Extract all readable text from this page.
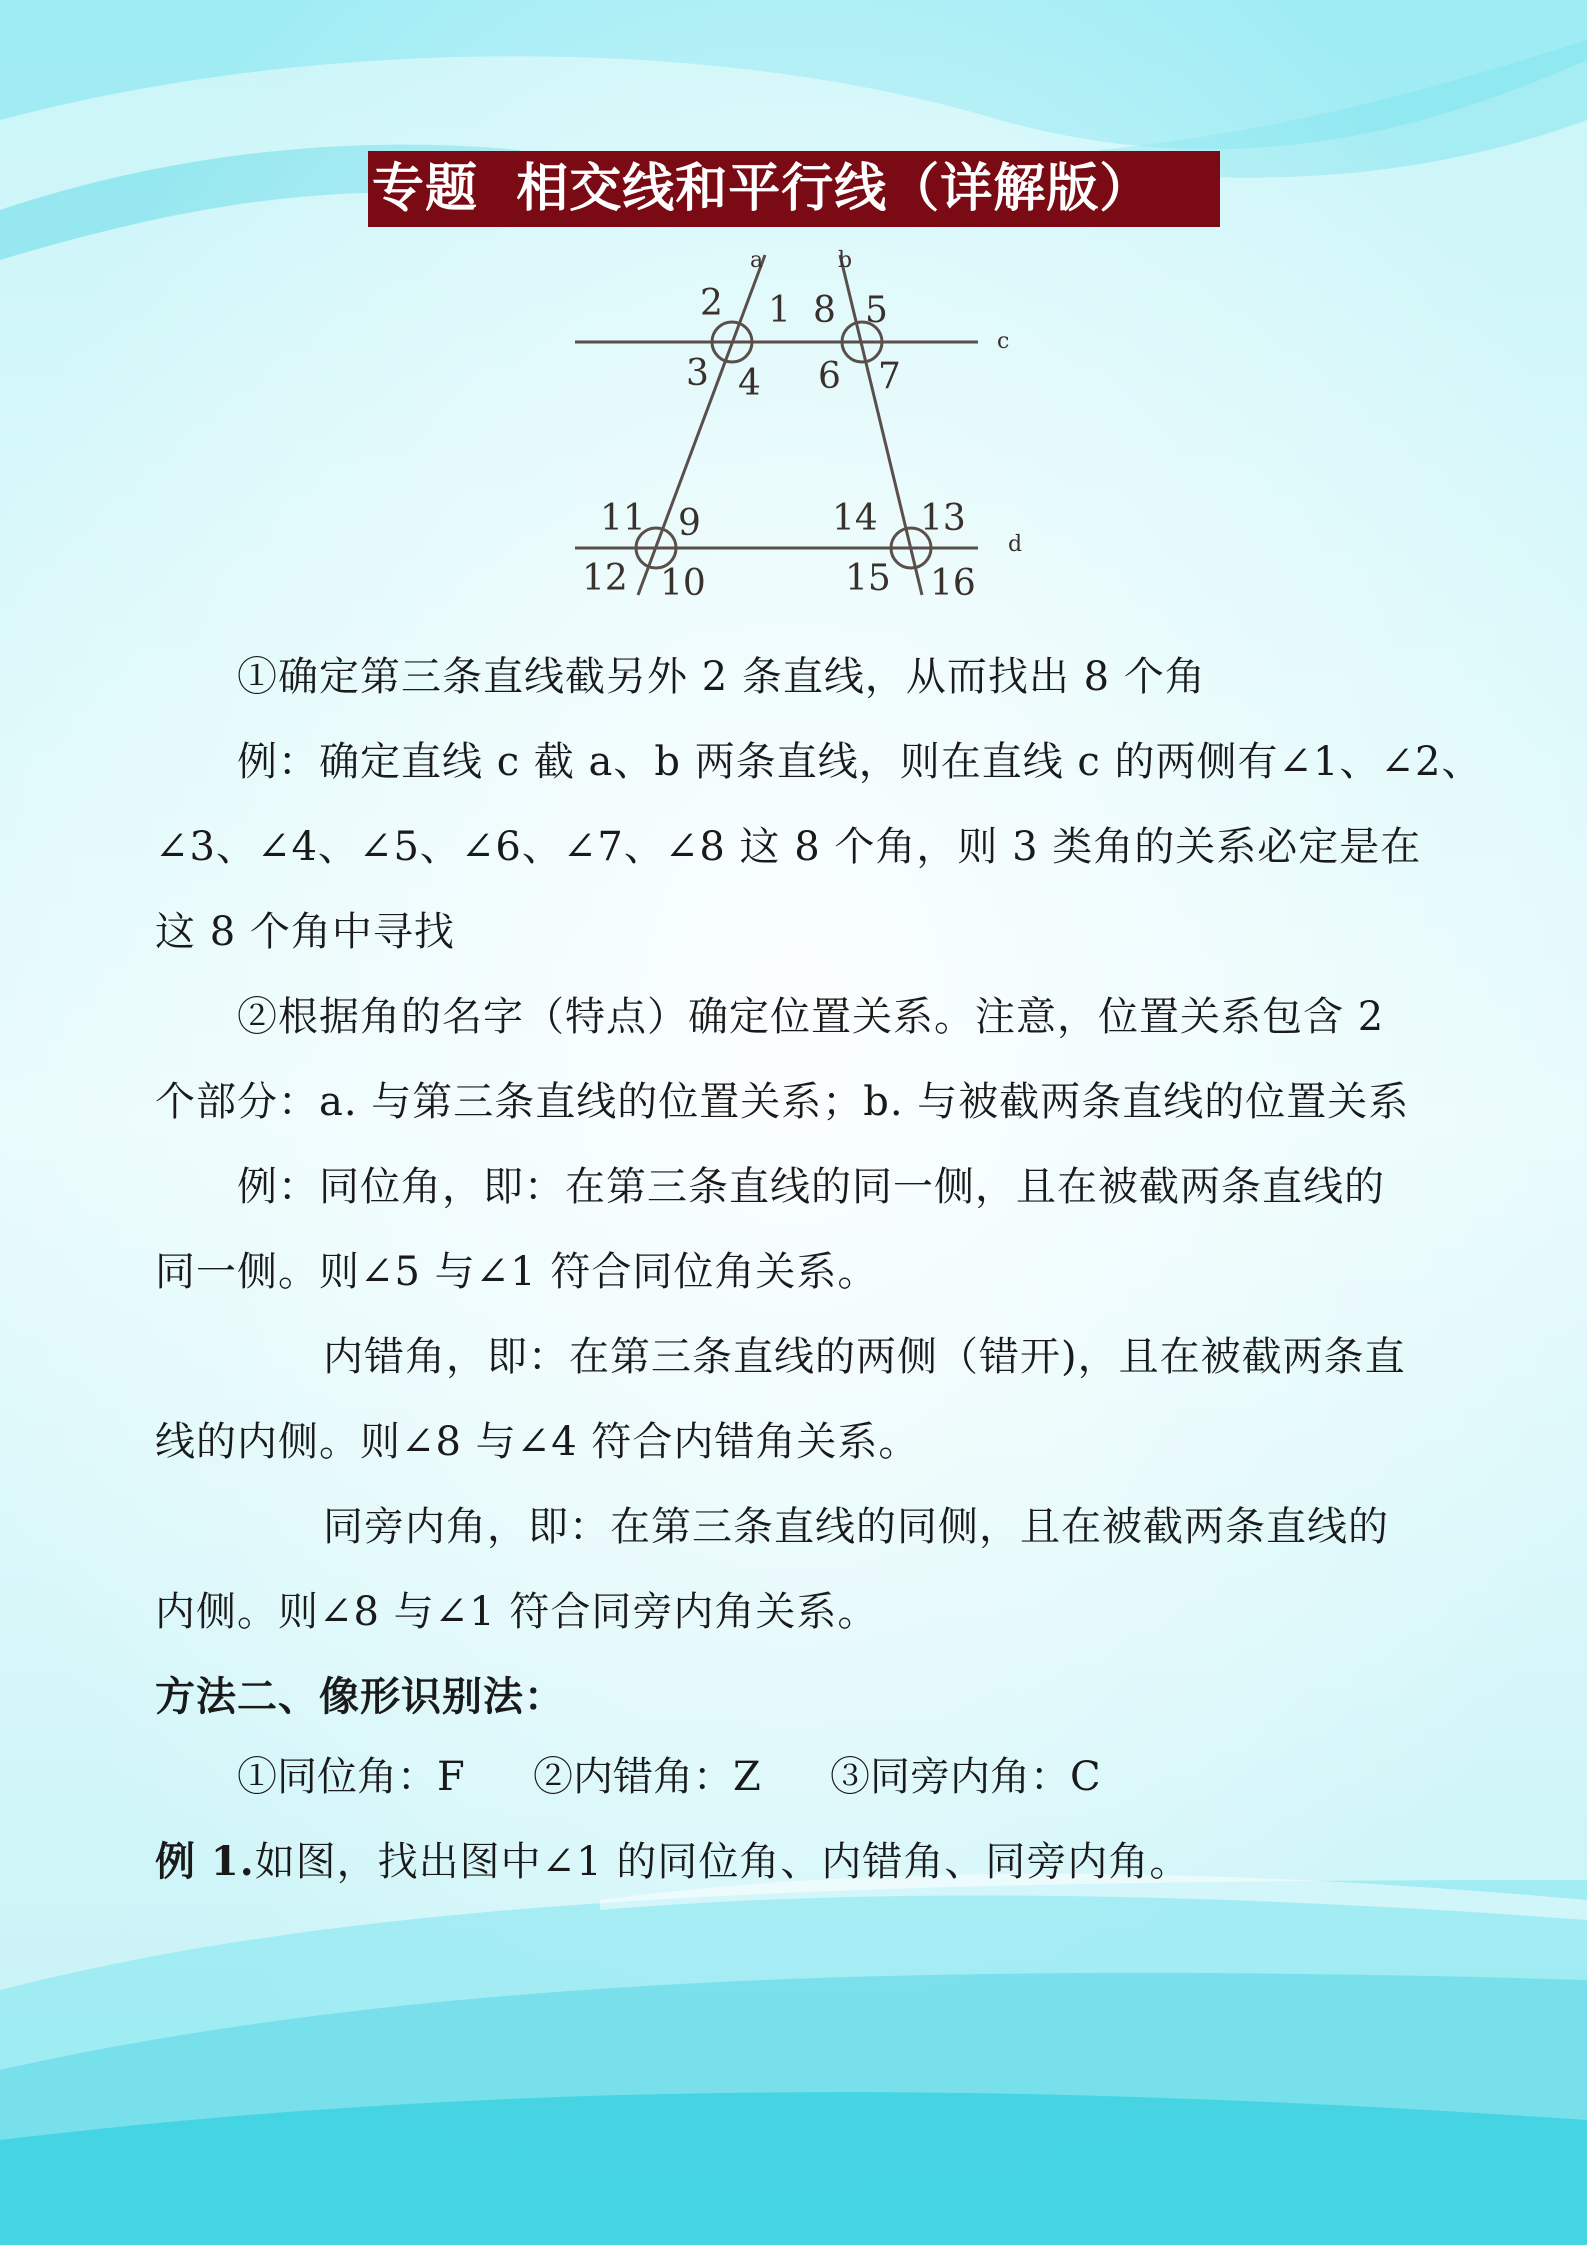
专题  相交线和平行线（详解版）
a	b
c
d
2 1
3 4
8 5
6 7
11 9
12 10
14 13
15 16
①确定第三条直线截另外 2 条直线，从而找出 8 个角
例：确定直线 c 截 a、b 两条直线，则在直线 c 的两侧有∠1、∠2、
∠3、∠4、∠5、∠6、∠7、∠8 这 8 个角，则 3 类角的关系必定是在
这 8 个角中寻找
②根据角的名字（特点）确定位置关系。注意，位置关系包含 2
个部分：a. 与第三条直线的位置关系；b. 与被截两条直线的位置关系
例：同位角，即：在第三条直线的同一侧，且在被截两条直线的
同一侧。则∠5 与∠1 符合同位角关系。
内错角，即：在第三条直线的两侧（错开)，且在被截两条直
线的内侧。则∠8 与∠4 符合内错角关系。
同旁内角，即：在第三条直线的同侧，且在被截两条直线的
内侧。则∠8 与∠1 符合同旁内角关系。
方法二、像形识别法：
①同位角：F ②内错角：Z ③同旁内角：C
例 1.如图，找出图中∠1 的同位角、内错角、同旁内角。
